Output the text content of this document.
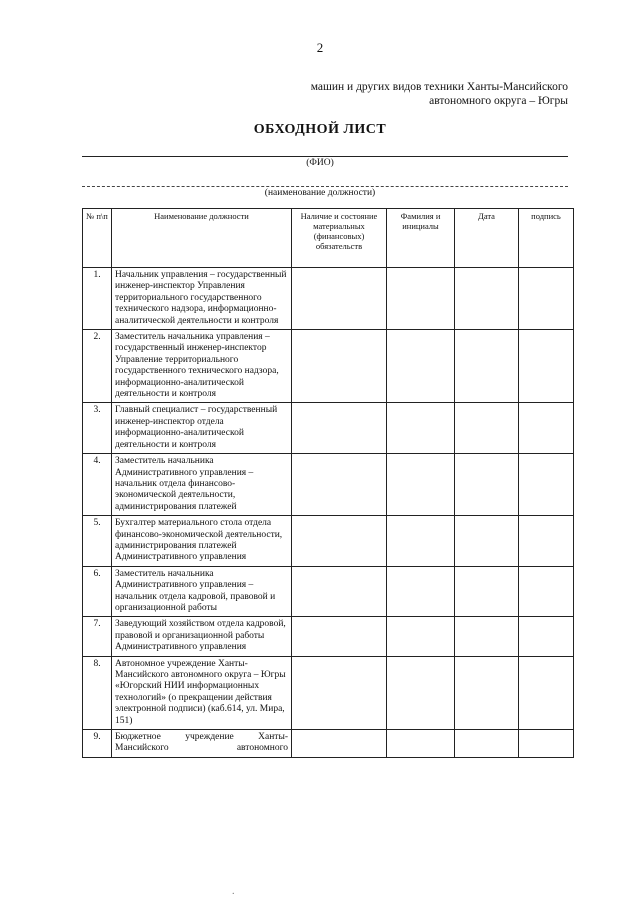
2
машин и других видов техники Ханты-Мансийского
автономного округа – Югры
ОБХОДНОЙ ЛИСТ
(ФИО)
(наименование должности)
№ п\п	Наименование должности	Наличие и состояние материальных (финансовых) обязательств	Фамилия и инициалы	Дата	подпись
1.	Начальник управления – государственный инженер-инспектор Управления территориального государственного технического надзора, информационно-аналитической деятельности и контроля				
2.	Заместитель начальника управления – государственный инженер-инспектор Управление территориального государственного технического надзора, информационно-аналитической деятельности и контроля				
3.	Главный специалист – государственный инженер-инспектор отдела информационно-аналитической деятельности и контроля				
4.	Заместитель начальника Административного управления – начальник отдела финансово-экономической деятельности, администрирования платежей				
5.	Бухгалтер материального стола отдела финансово-экономической деятельности, администрирования платежей Административного управления				
6.	Заместитель начальника Административного управления – начальник отдела кадровой, правовой и организационной работы				
7.	Заведующий хозяйством отдела кадровой, правовой и организационной работы Административного управления				
8.	Автономное учреждение Ханты-Мансийского автономного округа – Югры «Югорский НИИ информационных технологий» (о прекращении действия электронной подписи) (каб.614, ул. Мира, 151)				
9.	Бюджетное учреждение Ханты-Мансийского автономного				
.
